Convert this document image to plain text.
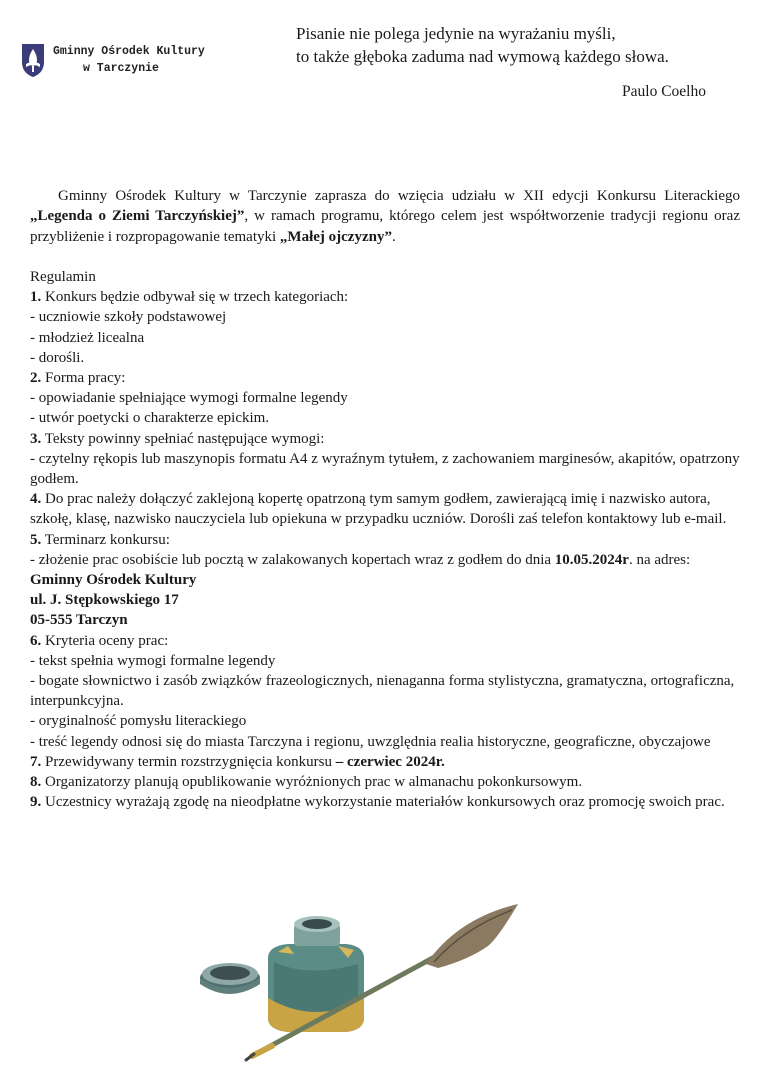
Gminny Ośrodek Kultury
w Tarczynie
Pisanie nie polega jedynie na wyrażaniu myśli,
to także głęboka zaduma nad wymową każdego słowa.
Paulo Coelho
Gminny Ośrodek Kultury w Tarczynie zaprasza do wzięcia udziału w XII edycji Konkursu Literackiego „Legenda o Ziemi Tarczyńskiej”, w ramach programu, którego celem jest współtworzenie tradycji regionu oraz przybliżenie i rozpropagowanie tematyki „Małej ojczyzny”.
Regulamin
1. Konkurs będzie odbywał się w trzech kategoriach:
- uczniowie szkoły podstawowej
- młodzież licealna
- dorośli.
2. Forma pracy:
- opowiadanie spełniające wymogi formalne legendy
- utwór poetycki o charakterze epickim.
3. Teksty powinny spełniać następujące wymogi:
- czytelny rękopis lub maszynopis formatu A4 z wyraźnym tytułem, z zachowaniem marginesów, akapitów, opatrzony godłem.
4. Do prac należy dołączyć zaklejoną kopertę opatrzoną tym samym godłem, zawierającą imię i nazwisko autora, szkołę, klasę, nazwisko nauczyciela lub opiekuna w przypadku uczniów. Dorośli zaś telefon kontaktowy lub e-mail.
5. Terminarz konkursu:
- złożenie prac osobiście lub pocztą w zalakowanych kopertach wraz z godłem do dnia 10.05.2024r. na adres:
Gminny Ośrodek Kultury
ul. J. Stępkowskiego 17
05-555 Tarczyn
6. Kryteria oceny prac:
- tekst spełnia wymogi formalne legendy
- bogate słownictwo i zasób związków frazeologicznych, nienaganna forma stylistyczna, gramatyczna, ortograficzna, interpunkcyjna.
- oryginalność pomysłu literackiego
- treść legendy odnosi się do miasta Tarczyna i regionu, uwzględnia realia historyczne, geograficzne, obyczajowe
7. Przewidywany termin rozstrzygnięcia konkursu – czerwiec 2024r.
8. Organizatorzy planują opublikowanie wyróżnionych prac w almanachu pokonkursowym.
9. Uczestnicy wyrażają zgodę na nieodpłatne wykorzystanie materiałów konkursowych oraz promocję swoich prac.
